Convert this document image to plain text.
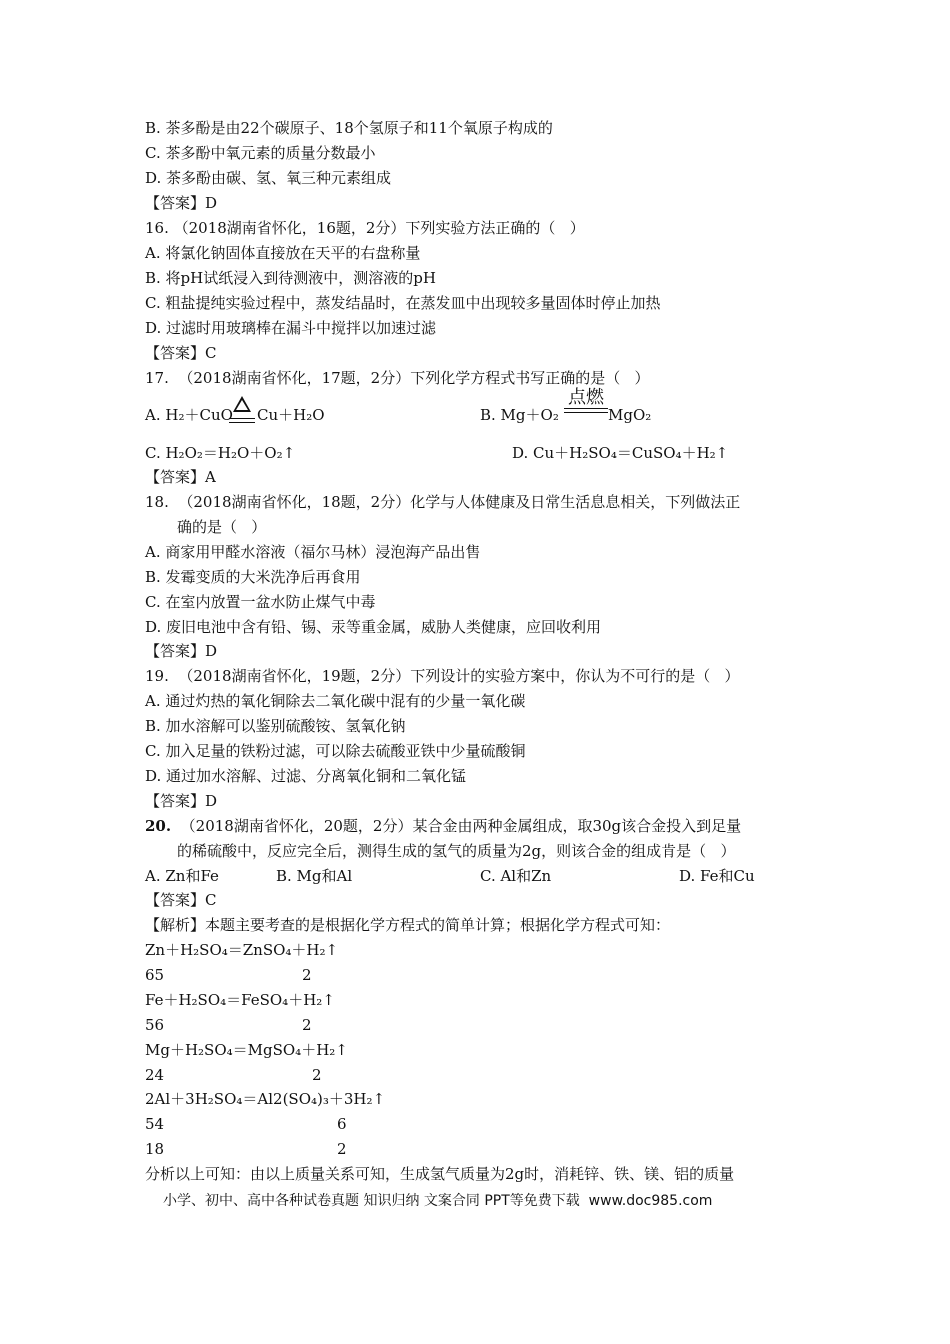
B. 茶多酚是由22个碳原子、18个氢原子和11个氧原子构成的
C. 茶多酚中氧元素的质量分数最小
D. 茶多酚由碳、氢、氧三种元素组成
【答案】D
16. （2018湖南省怀化，16题，2分）下列实验方法正确的（   ）
A. 将氯化钠固体直接放在天平的右盘称量
B. 将pH试纸浸入到待测液中，测溶液的pH
C. 粗盐提纯实验过程中，蒸发结晶时，在蒸发皿中出现较多量固体时停止加热
D. 过滤时用玻璃棒在漏斗中搅拌以加速过滤
【答案】C
17.  （2018湖南省怀化，17题，2分）下列化学方程式书写正确的是（   ）
A. H₂＋CuO Cu＋H₂O	B. Mg＋O₂
点燃
MgO₂
C. H₂O₂＝H₂O＋O₂↑	D. Cu＋H₂SO₄＝CuSO₄＋H₂↑
【答案】A
18.  （2018湖南省怀化，18题，2分）化学与人体健康及日常生活息息相关，下列做法正
确的是（   ）
A. 商家用甲醛水溶液（福尔马林）浸泡海产品出售
B. 发霉变质的大米洗净后再食用
C. 在室内放置一盆水防止煤气中毒
D. 废旧电池中含有铅、锡、汞等重金属，威胁人类健康，应回收利用
【答案】D
19.  （2018湖南省怀化，19题，2分）下列设计的实验方案中，你认为不可行的是（   ）
A. 通过灼热的氧化铜除去二氧化碳中混有的少量一氧化碳
B. 加水溶解可以鉴别硫酸铵、氢氧化钠
C. 加入足量的铁粉过滤，可以除去硫酸亚铁中少量硫酸铜
D. 通过加水溶解、过滤、分离氧化铜和二氧化锰
【答案】D
20.  （2018湖南省怀化，20题，2分）某合金由两种金属组成，取30g该合金投入到足量
的稀硫酸中，反应完全后，测得生成的氢气的质量为2g，则该合金的组成肯是（   ）
A. Zn和Fe	B. Mg和Al	C. Al和Zn	D. Fe和Cu
【答案】C
【解析】本题主要考查的是根据化学方程式的简单计算；根据化学方程式可知：
Zn＋H₂SO₄＝ZnSO₄＋H₂↑
65	2
Fe＋H₂SO₄＝FeSO₄＋H₂↑
56	2
Mg＋H₂SO₄＝MgSO₄＋H₂↑
24	2
2Al＋3H₂SO₄＝Al2(SO₄)₃＋3H₂↑
54	6
18	2
分析以上可知：由以上质量关系可知，生成氢气质量为2g时，消耗锌、铁、镁、铝的质量
小学、初中、高中各种试卷真题 知识归纳 文案合同 PPT等免费下载  www.doc985.com
